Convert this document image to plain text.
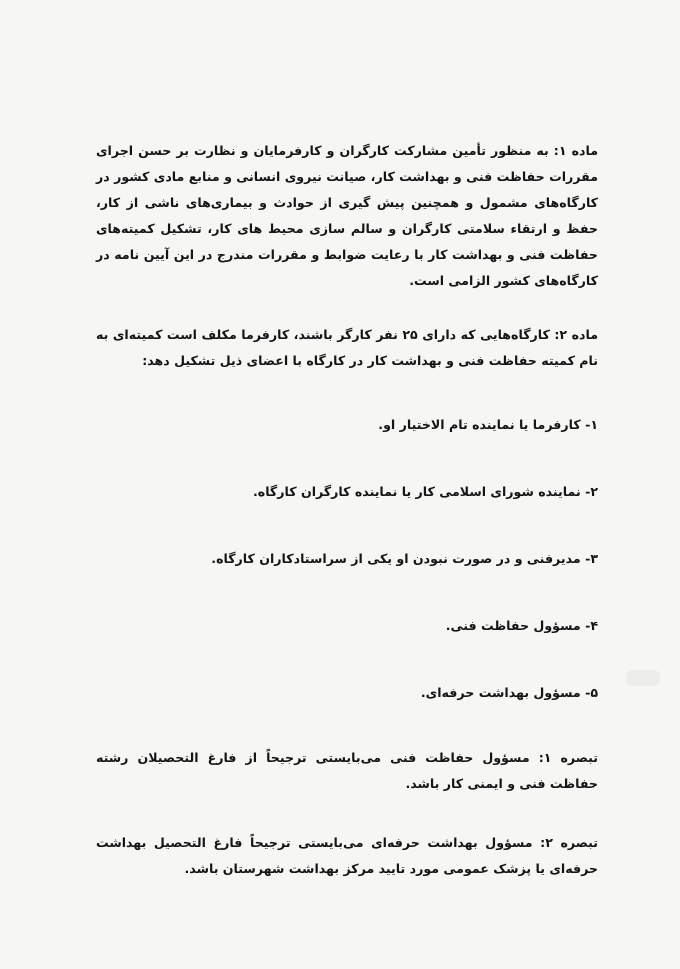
ماده ۱: به منظور تأمین مشارکت کارگران و کارفرمایان و نظارت بر حسن اجرای مقررات حفاظت فنی و بهداشت کار، صیانت نیروی انسانی و منابع مادی کشور در کارگاه‌های مشمول و همچنین پیش گیری از حوادث و بیماری‌های ناشی از کار، حفظ و ارتقاء سلامتی کارگران و سالم سازی محیط های کار، تشکیل کمیته‌های حفاظت فنی و بهداشت کار با رعایت ضوابط و مقررات مندرج در این آیین نامه در کارگاه‌های کشور الزامی است.

ماده ۲: کارگاه‌هایی که دارای ۲۵ نفر کارگر باشند، کارفرما مکلف است کمیته‌ای به نام کمیته حفاظت فنی و بهداشت کار در کارگاه با اعضای ذیل تشکیل دهد:

۱- کارفرما یا نماینده تام الاختیار او.

۲- نماینده شورای اسلامی کار یا نماینده کارگران کارگاه.

۳- مدیرفنی و در صورت نبودن او یکی از سراستادکاران کارگاه.

۴- مسؤول حفاظت فنی.

۵- مسؤول بهداشت حرفه‌ای.

تبصره ۱: مسؤول حفاظت فنی می‌بایستی ترجیحاً از فارغ التحصیلان رشته حفاظت فنی و ایمنی کار باشد.

تبصره ۲: مسؤول بهداشت حرفه‌ای می‌بایستی ترجیحاً فارغ التحصیل بهداشت حرفه‌ای یا پزشک عمومی مورد تایید مرکز بهداشت شهرستان باشد.
